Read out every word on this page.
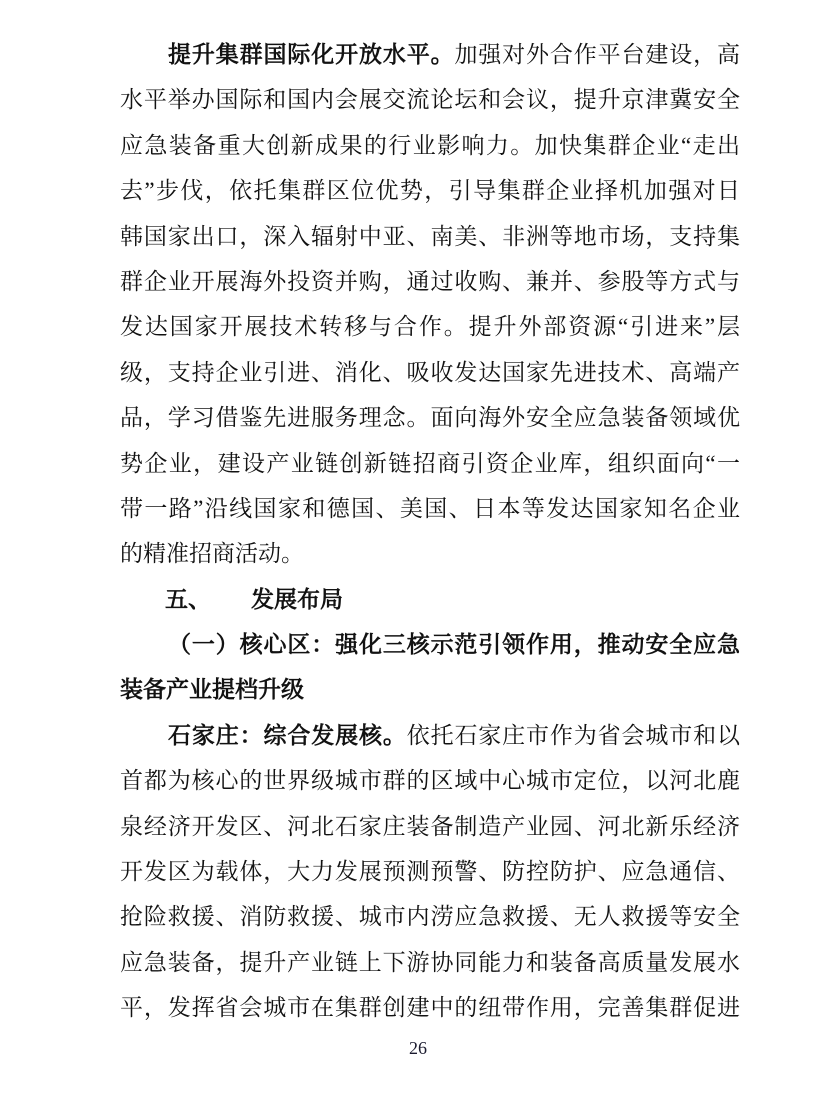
提升集群国际化开放水平。加强对外合作平台建设，高
水平举办国际和国内会展交流论坛和会议，提升京津冀安全
应急装备重大创新成果的行业影响力。加快集群企业“走出
去”步伐，依托集群区位优势，引导集群企业择机加强对日
韩国家出口，深入辐射中亚、南美、非洲等地市场，支持集
群企业开展海外投资并购，通过收购、兼并、参股等方式与
发达国家开展技术转移与合作。提升外部资源“引进来”层
级，支持企业引进、消化、吸收发达国家先进技术、高端产
品，学习借鉴先进服务理念。面向海外安全应急装备领域优
势企业，建设产业链创新链招商引资企业库，组织面向“一
带一路”沿线国家和德国、美国、日本等发达国家知名企业
的精准招商活动。
五、 发展布局
（一）核心区：强化三核示范引领作用，推动安全应急
装备产业提档升级
石家庄：综合发展核。依托石家庄市作为省会城市和以
首都为核心的世界级城市群的区域中心城市定位，以河北鹿
泉经济开发区、河北石家庄装备制造产业园、河北新乐经济
开发区为载体，大力发展预测预警、防控防护、应急通信、
抢险救援、消防救援、城市内涝应急救援、无人救援等安全
应急装备，提升产业链上下游协同能力和装备高质量发展水
平，发挥省会城市在集群创建中的纽带作用，完善集群促进
26
